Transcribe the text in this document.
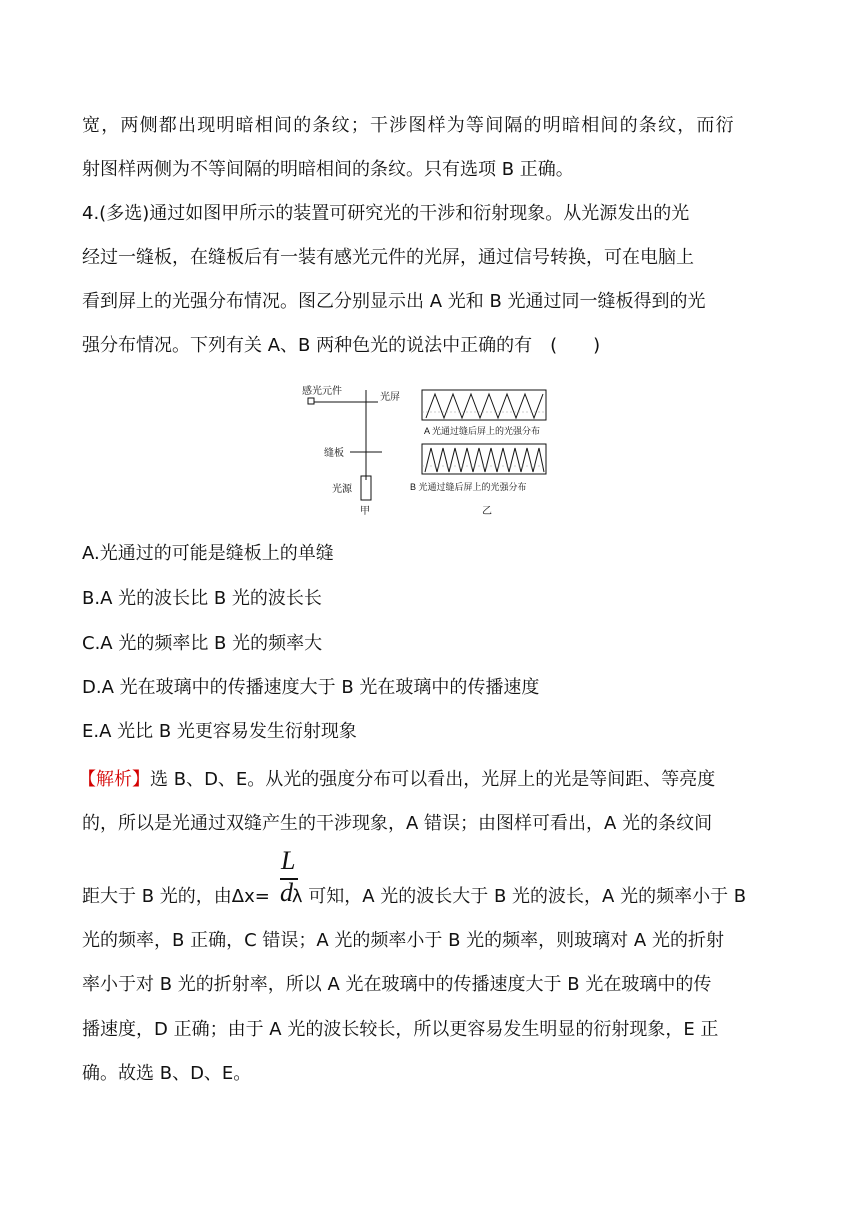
宽，两侧都出现明暗相间的条纹；干涉图样为等间隔的明暗相间的条纹，而衍
射图样两侧为不等间隔的明暗相间的条纹。只有选项 B 正确。
4.(多选)通过如图甲所示的装置可研究光的干涉和衍射现象。从光源发出的光
经过一缝板，在缝板后有一装有感光元件的光屏，通过信号转换，可在电脑上
看到屏上的光强分布情况。图乙分别显示出 A 光和 B 光通过同一缝板得到的光
强分布情况。下列有关 A、B 两种色光的说法中正确的有　(　　)
感光元件
光屏
缝板
光源
甲
A 光通过缝后屏上的光强分布
B 光通过缝后屏上的光强分布
乙
A.光通过的可能是缝板上的单缝
B.A 光的波长比 B 光的波长长
C.A 光的频率比 B 光的频率大
D.A 光在玻璃中的传播速度大于 B 光在玻璃中的传播速度
E.A 光比 B 光更容易发生衍射现象
【解析】选 B、D、E。从光的强度分布可以看出，光屏上的光是等间距、等亮度
的，所以是光通过双缝产生的干涉现象，A 错误；由图样可看出，A 光的条纹间
距大于 B 光的，由Δx= λ 可知，A 光的波长大于 B 光的波长，A 光的频率小于 B
L
d
光的频率，B 正确，C 错误；A 光的频率小于 B 光的频率，则玻璃对 A 光的折射
率小于对 B 光的折射率，所以 A 光在玻璃中的传播速度大于 B 光在玻璃中的传
播速度，D 正确；由于 A 光的波长较长，所以更容易发生明显的衍射现象，E 正
确。故选 B、D、E。
